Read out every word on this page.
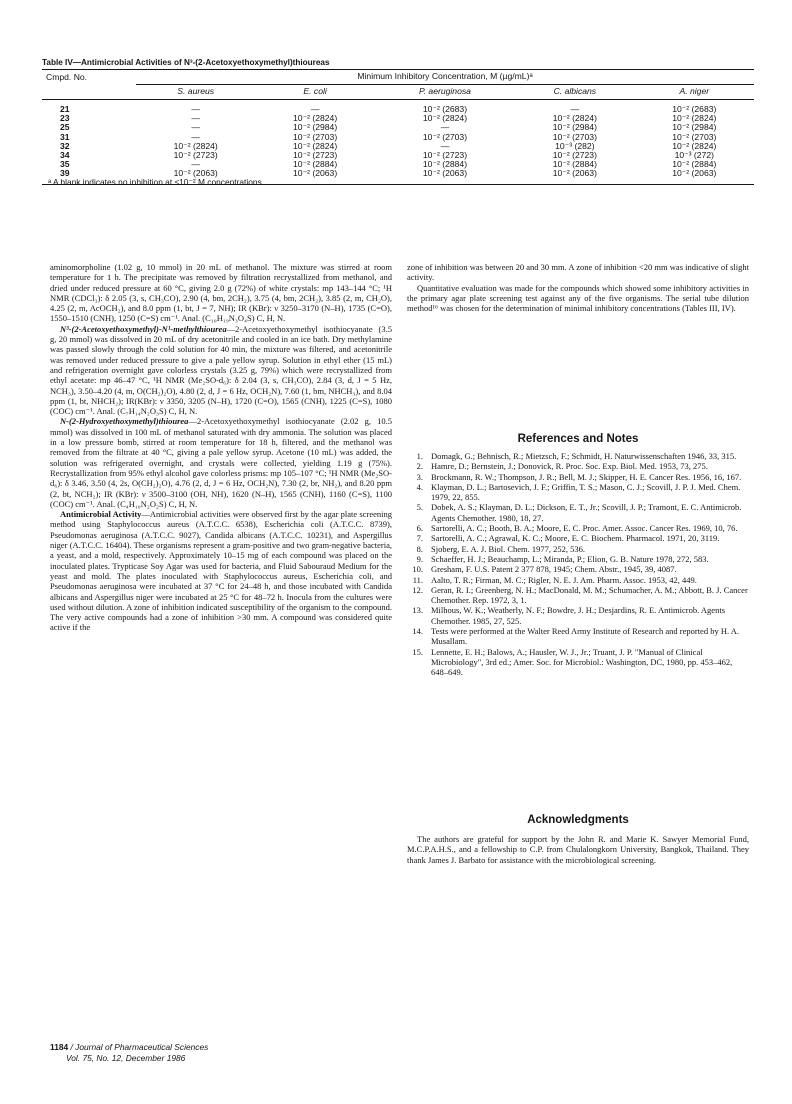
Table IV—Antimicrobial Activities of N³-(2-Acetoxyethoxymethyl)thioureas
Cmpd. No.	Minimum Inhibitory Concentration, M (µg/mL)ᵃ				
	S. aureus	E. coli	P. aeruginosa	C. albicans	A. niger
21	—	—	10⁻² (2683)	—	10⁻² (2683)
23	—	10⁻² (2824)	10⁻² (2824)	10⁻² (2824)	10⁻² (2824)
25	—	10⁻² (2984)	—	10⁻² (2984)	10⁻² (2984)
31	—	10⁻² (2703)	10⁻² (2703)	10⁻² (2703)	10⁻² (2703)
32	10⁻² (2824)	10⁻² (2824)	—	10⁻³ (282)	10⁻² (2824)
34	10⁻² (2723)	10⁻² (2723)	10⁻² (2723)	10⁻² (2723)	10⁻³ (272)
35	—	10⁻² (2884)	10⁻² (2884)	10⁻² (2884)	10⁻² (2884)
39	10⁻² (2063)	10⁻² (2063)	10⁻² (2063)	10⁻² (2063)	10⁻² (2063)
ᵃ A blank indicates no inhibition at ≤10⁻² M concentrations.

aminomorpholine (1.02 g, 10 mmol) in 20 mL of methanol. The mixture was stirred at room temperature for 1 h. The precipitate was removed by filtration recrystallized from methanol, and dried under reduced pressure at 60 °C, giving 2.0 g (72%) of white crystals: mp 143–144 °C; ¹H NMR (CDCl₃): δ 2.05 (3, s, CH₃CO), 2.90 (4, bm, 2CH₂), 3.75 (4, bm, 2CH₂), 3.85 (2, m, CH₂O), 4.25 (2, m, AcOCH₂), and 8.0 ppm (1, bt, J = 7, NH); IR (KBr): ν 3250–3170 (N–H), 1735 (C=O), 1550–1510 (CNH), 1250 (C=S) cm⁻¹. Anal. (C₁₀H₁₉N₃O₄S) C, H, N.

N³-(2-Acetoxyethoxymethyl)-N¹-methylthiourea—2-Acetoxyethoxymethyl isothiocyanate (3.5 g, 20 mmol) was dissolved in 20 mL of dry acetonitrile and cooled in an ice bath. Dry methylamine was passed slowly through the cold solution for 40 min, the mixture was filtered, and acetonitrile was removed under reduced pressure to give a pale yellow syrup. Solution in ethyl ether (15 mL) and refrigeration overnight gave colorless crystals (3.25 g, 79%) which were recrystallized from ethyl acetate: mp 46–47 °C, ¹H NMR (Me₂SO-d₆): δ 2.04 (3, s, CH₃CO), 2.84 (3, d, J = 5 Hz, NCH₃), 3.50–4.20 (4, m, O(CH₂)₂O), 4.80 (2, d, J = 6 Hz, OCH₂N), 7.60 (1, bm, NHCH₃), and 8.04 ppm (1, bt, NHCH₂); IR(KBr): ν 3350, 3205 (N–H), 1720 (C=O), 1565 (CNH), 1225 (C=S), 1080 (COC) cm⁻¹. Anal. (C₇H₁₄N₂O₃S) C, H, N.

N-(2-Hydroxyethoxymethyl)thiourea—2-Acetoxyethoxymethyl isothiocyanate (2.02 g, 10.5 mmol) was dissolved in 100 mL of methanol saturated with dry ammonia. The solution was placed in a low pressure bomb, stirred at room temperature for 18 h, filtered, and the methanol was removed from the filtrate at 40 °C, giving a pale yellow syrup. Acetone (10 mL) was added, the solution was refrigerated overnight, and crystals were collected, yielding 1.19 g (75%). Recrystallization from 95% ethyl alcohol gave colorless prisms: mp 105–107 °C; ¹H NMR (Me₂SO-d₆): δ 3.46, 3.50 (4, 2s, O(CH₂)₂O), 4.76 (2, d, J = 6 Hz, OCH₂N), 7.30 (2, br, NH₂), and 8.20 ppm (2, bt, NCH₂); IR (KBr): ν 3500–3100 (OH, NH), 1620 (N–H), 1565 (CNH), 1160 (C=S), 1100 (COC) cm⁻¹. Anal. (C₄H₁₀N₂O₂S) C, H, N.

Antimicrobial Activity—Antimicrobial activities were observed first by the agar plate screening method using Staphylococcus aureus (A.T.C.C. 6538), Escherichia coli (A.T.C.C. 8739), Pseudomonas aeruginosa (A.T.C.C. 9027), Candida albicans (A.T.C.C. 10231), and Aspergillus niger (A.T.C.C. 16404). These organisms represent a gram-positive and two gram-negative bacteria, a yeast, and a mold, respectively. Approximately 10–15 mg of each compound was placed on the inoculated plates. Trypticase Soy Agar was used for bacteria, and Fluid Sabouraud Medium for the yeast and mold. The plates inoculated with Staphylococcus aureus, Escherichia coli, and Pseudomonas aeruginosa were incubated at 37 °C for 24–48 h, and those incubated with Candida albicans and Aspergillus niger were incubated at 25 °C for 48–72 h. Inocula from the cultures were used without dilution. A zone of inhibition indicated susceptibility of the organism to the compound. The very active compounds had a zone of inhibition >30 mm. A compound was considered quite active if the

zone of inhibition was between 20 and 30 mm. A zone of inhibition <20 mm was indicative of slight activity.

Quantitative evaluation was made for the compounds which showed some inhibitory activities in the primary agar plate screening test against any of the five organisms. The serial tube dilution method¹⁶ was chosen for the determination of minimal inhibitory concentrations (Tables III, IV).

References and Notes
1. Domagk, G.; Behnisch, R.; Mietzsch, F.; Schmidt, H. Naturwissenschaften 1946, 33, 315.
2. Hamre, D.; Bernstein, J.; Donovick, R. Proc. Soc. Exp. Biol. Med. 1953, 73, 275.
3. Brockmann, R. W.; Thompson, J. R.; Bell, M. J.; Skipper, H. E. Cancer Res. 1956, 16, 167.
4. Klayman, D. L.; Bartosevich, J. F.; Griffin, T. S.; Mason, C. J.; Scovill, J. P. J. Med. Chem. 1979, 22, 855.
5. Dobek, A. S.; Klayman, D. L.; Dickson, E. T., Jr.; Scovill, J. P.; Tramont, E. C. Antimicrob. Agents Chemother. 1980, 18, 27.
6. Sartorelli, A. C.; Booth, B. A.; Moore, E. C. Proc. Amer. Assoc. Cancer Res. 1969, 10, 76.
7. Sartorelli, A. C.; Agrawal, K. C.; Moore, E. C. Biochem. Pharmacol. 1971, 20, 3119.
8. Sjoberg, E. A. J. Biol. Chem. 1977, 252, 536.
9. Schaeffer, H. J.; Beauchamp, L.; Miranda, P.; Elion, G. B. Nature 1978, 272, 583.
10. Gresham, F. U.S. Patent 2 377 878, 1945; Chem. Abstr., 1945, 39, 4087.
11. Aalto, T. R.; Firman, M. C.; Rigler, N. E. J. Am. Pharm. Assoc. 1953, 42, 449.
12. Geran, R. I.; Greenberg, N. H.; MacDonald, M. M.; Schumacher, A. M.; Abbott, B. J. Cancer Chemother. Rep. 1972, 3, 1.
13. Milhous, W. K.; Weatherly, N. F.; Bowdre, J. H.; Desjardins, R. E. Antimicrob. Agents Chemother. 1985, 27, 525.
14. Tests were performed at the Walter Reed Army Institute of Research and reported by H. A. Musallam.
15. Lennette, E. H.; Balows, A.; Hausler, W. J., Jr.; Truant, J. P. "Manual of Clinical Microbiology", 3rd ed.; Amer. Soc. for Microbiol.: Washington, DC, 1980, pp. 453–462, 648–649.
Acknowledgments

The authors are grateful for support by the John R. and Marie K. Sawyer Memorial Fund, M.C.P.A.H.S., and a fellowship to C.P. from Chulalongkorn University, Bangkok, Thailand. They thank James J. Barbato for assistance with the microbiological screening.

1184 / Journal of Pharmaceutical Sciences
Vol. 75, No. 12, December 1986
